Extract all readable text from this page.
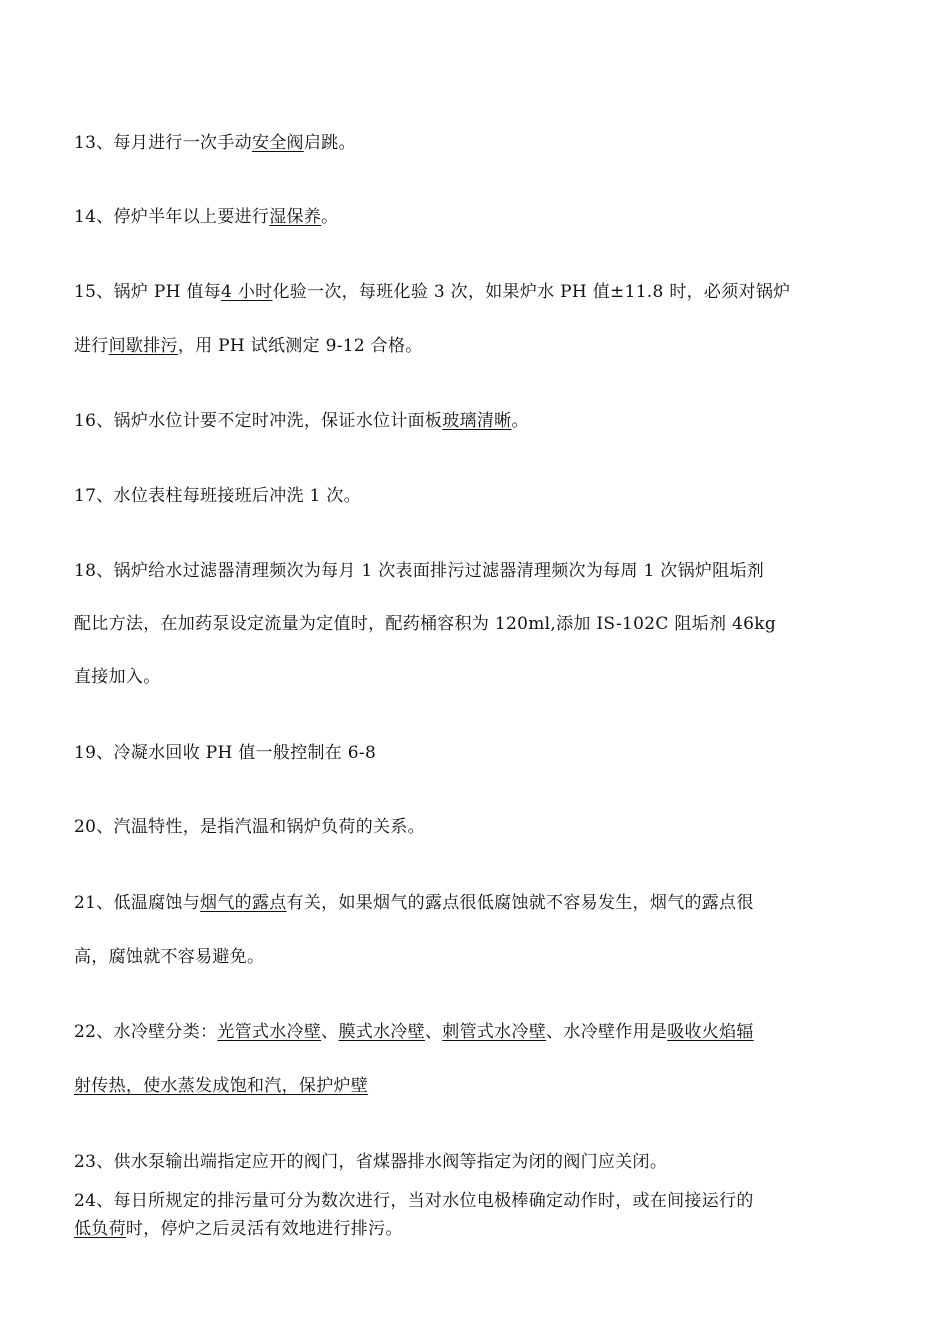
13、每月进行一次手动安全阀启跳。
14、停炉半年以上要进行湿保养。
15、锅炉 PH 值每4 小时化验一次，每班化验 3 次，如果炉水 PH 值±11.8 时，必须对锅炉
进行间歇排污，用 PH 试纸测定 9-12 合格。
16、锅炉水位计要不定时冲洗，保证水位计面板玻璃清晰。
17、水位表柱每班接班后冲洗 1 次。
18、锅炉给水过滤器清理频次为每月 1 次表面排污过滤器清理频次为每周 1 次锅炉阻垢剂
配比方法，在加药泵设定流量为定值时，配药桶容积为 120ml,添加 IS-102C 阻垢剂 46kg
直接加入。
19、冷凝水回收 PH 值一般控制在 6-8
20、汽温特性，是指汽温和锅炉负荷的关系。
21、低温腐蚀与烟气的露点有关，如果烟气的露点很低腐蚀就不容易发生，烟气的露点很
高，腐蚀就不容易避免。
22、水冷壁分类：光管式水冷壁、膜式水冷壁、刺管式水冷壁、水冷壁作用是吸收火焰辐
射传热，使水蒸发成饱和汽，保护炉壁
23、供水泵输出端指定应开的阀门，省煤器排水阀等指定为闭的阀门应关闭。
24、每日所规定的排污量可分为数次进行，当对水位电极棒确定动作时，或在间接运行的
低负荷时，停炉之后灵活有效地进行排污。
